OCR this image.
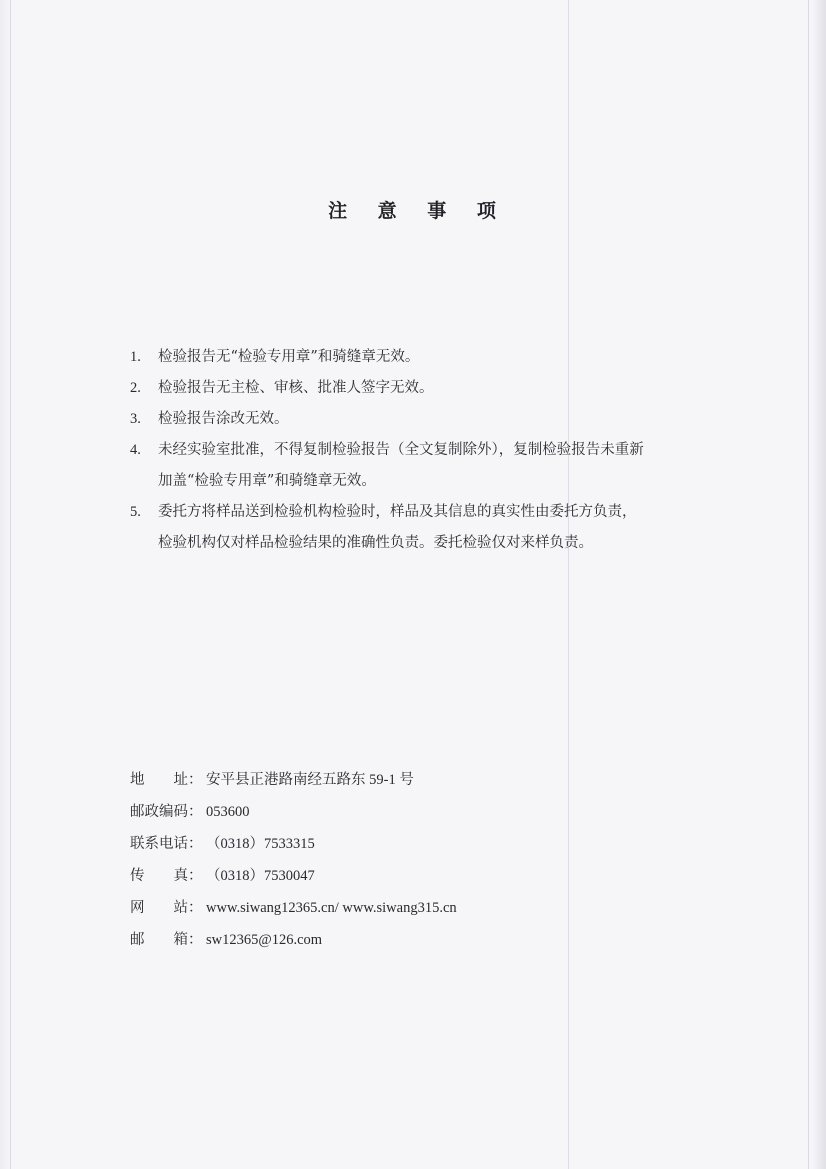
注 意 事 项
1.	检验报告无“检验专用章”和骑缝章无效。
2.	检验报告无主检、审核、批准人签字无效。
3.	检验报告涂改无效。
4.	未经实验室批准，不得复制检验报告（全文复制除外），复制检验报告未重新
加盖“检验专用章”和骑缝章无效。
5.	委托方将样品送到检验机构检验时，样品及其信息的真实性由委托方负责，
检验机构仅对样品检验结果的准确性负责。委托检验仅对来样负责。
地　　址： 安平县正港路南经五路东 59-1 号
邮政编码： 053600
联系电话： （0318）7533315
传　　真： （0318）7530047
网　　站： www.siwang12365.cn/ www.siwang315.cn
邮　　箱： sw12365@126.com
